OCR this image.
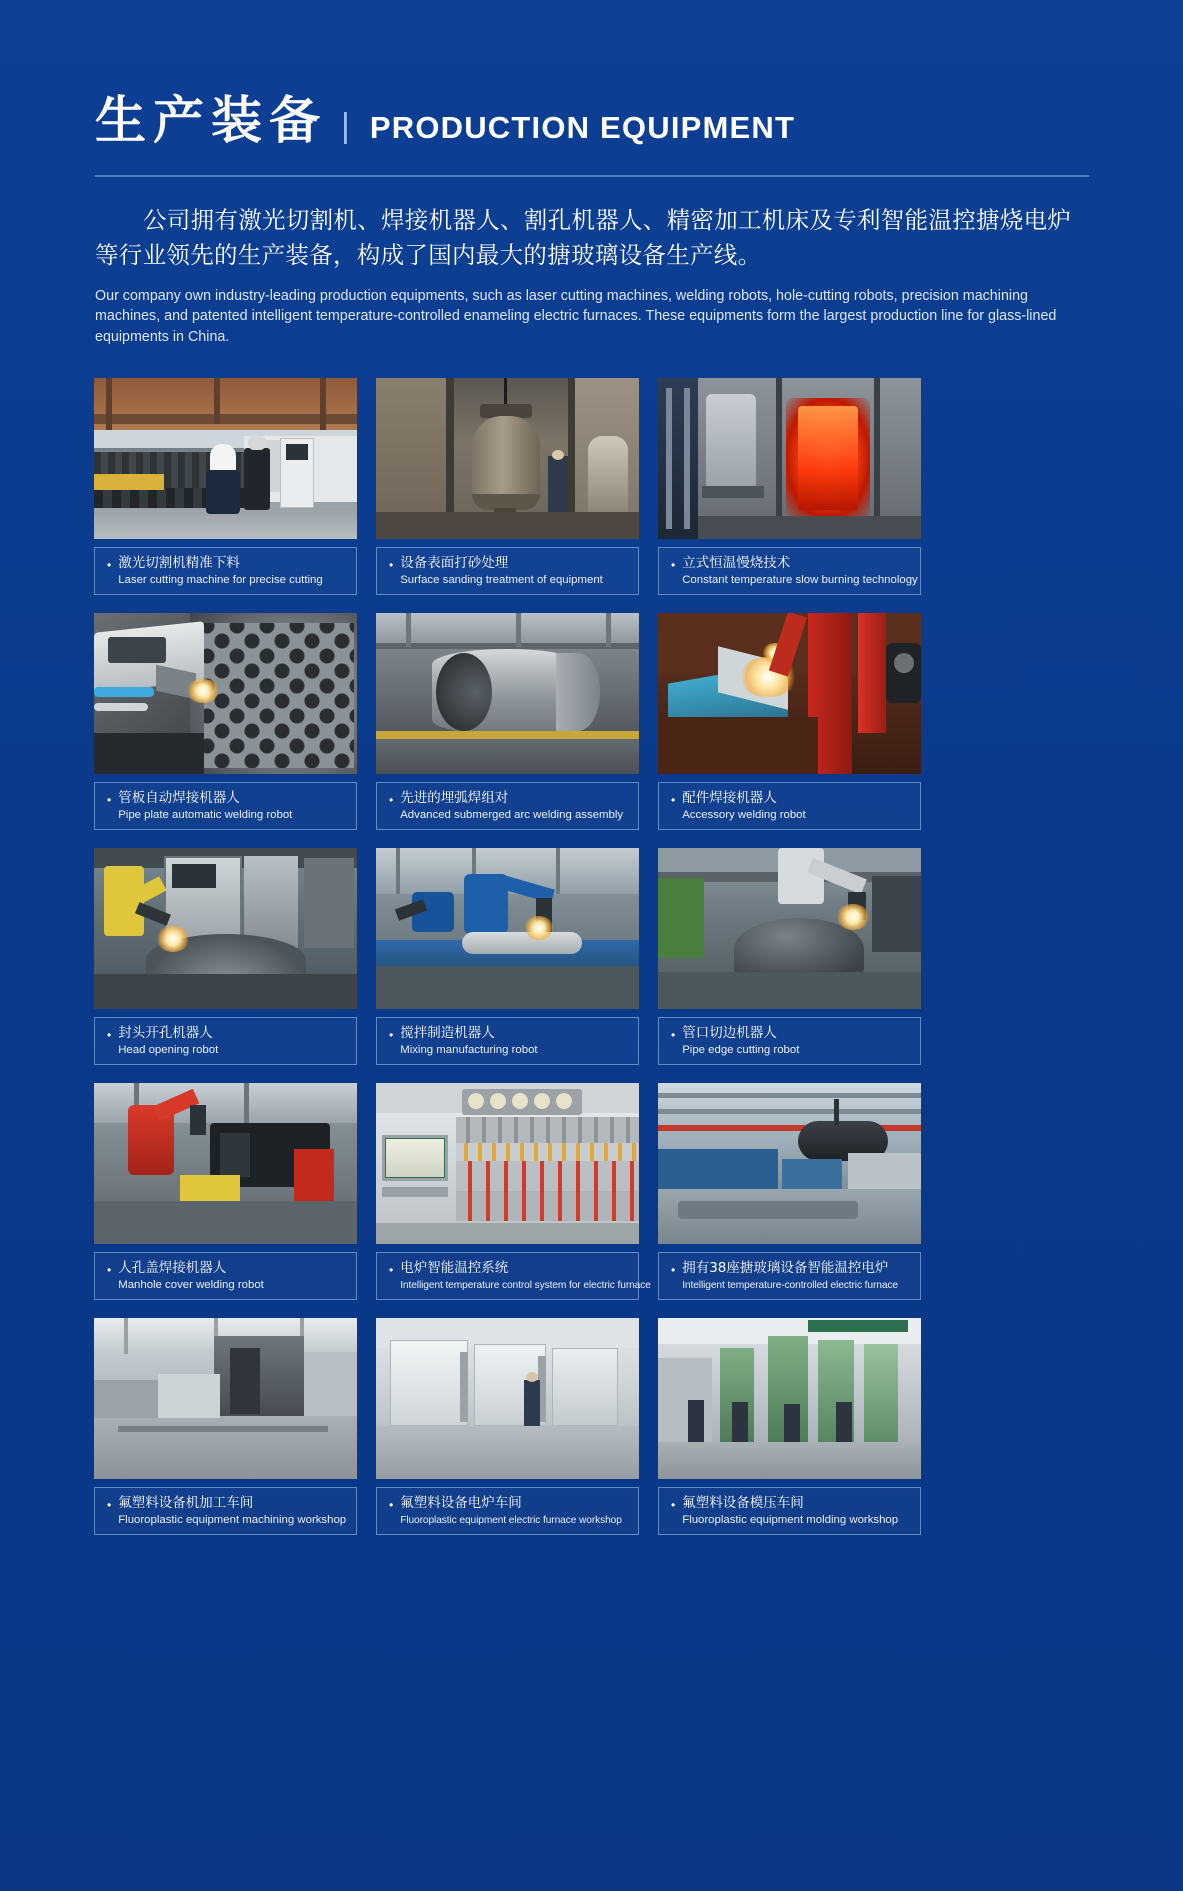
生产装备 | PRODUCTION EQUIPMENT
公司拥有激光切割机、焊接机器人、割孔机器人、精密加工机床及专利智能温控搪烧电炉等行业领先的生产装备，构成了国内最大的搪玻璃设备生产线。
Our company own industry-leading production equipments, such as laser cutting machines, welding robots, hole-cutting robots, precision machining machines, and patented intelligent temperature-controlled enameling electric furnaces. These equipments form the largest production line for glass-lined equipments in China.
• 激光切割机精准下料
Laser cutting machine for precise cutting
• 设备表面打砂处理
Surface sanding treatment of equipment
• 立式恒温慢烧技术
Constant temperature slow burning technology
• 管板自动焊接机器人
Pipe plate automatic welding robot
• 先进的埋弧焊组对
Advanced submerged arc welding assembly
• 配件焊接机器人
Accessory welding robot
• 封头开孔机器人
Head opening robot
• 搅拌制造机器人
Mixing manufacturing robot
• 管口切边机器人
Pipe edge cutting robot
• 人孔盖焊接机器人
Manhole cover welding robot
• 电炉智能温控系统
Intelligent temperature control system for electric furnace
• 拥有38座搪玻璃设备智能温控电炉
Intelligent temperature-controlled electric furnace
• 氟塑料设备机加工车间
Fluoroplastic equipment machining workshop
• 氟塑料设备电炉车间
Fluoroplastic equipment electric furnace workshop
• 氟塑料设备模压车间
Fluoroplastic equipment molding workshop
